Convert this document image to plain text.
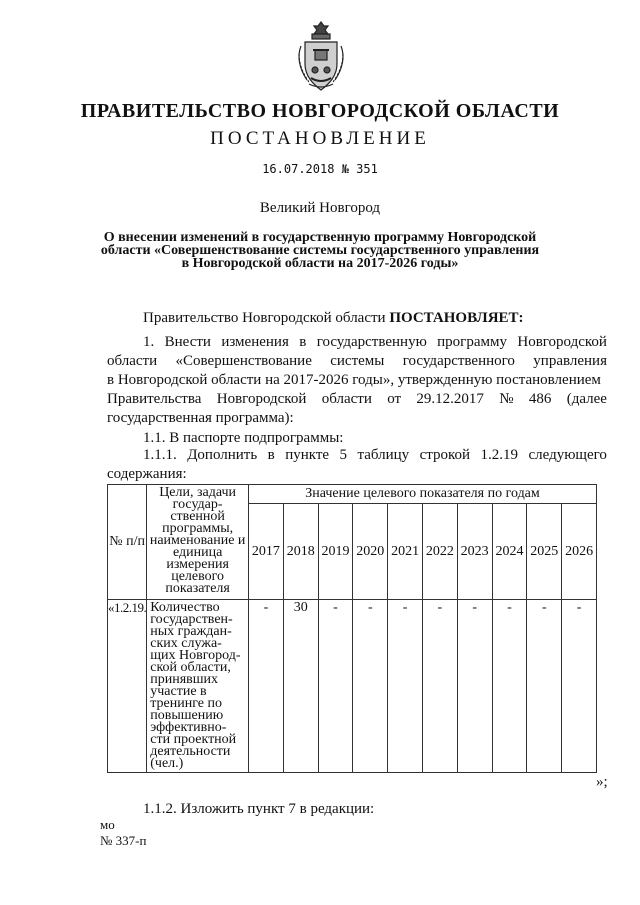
ПРАВИТЕЛЬСТВО НОВГОРОДСКОЙ ОБЛАСТИ
ПОСТАНОВЛЕНИЕ
16.07.2018 № 351
Великий Новгород
О внесении изменений в государственную программу Новгородской области «Совершенствование системы государственного управления в Новгородской области на 2017-2026 годы»
Правительство Новгородской области ПОСТАНОВЛЯЕТ:
1. Внести изменения в государственную программу Новгородской
области «Совершенствование системы государственного управления
в Новгородской области на 2017-2026 годы», утвержденную постановлением
Правительства Новгородской области от 29.12.2017 № 486 (далее
государственная программа):
1.1. В паспорте подпрограммы:
1.1.1. Дополнить в пункте 5 таблицу строкой 1.2.19 следующего
содержания:
№ п/п	Цели, задачи государ-ственной программы, наименование и единица измерения целевого показателя	Значение целевого показателя по годам									
		2017	2018	2019	2020	2021	2022	2023	2024	2025	2026
«1.2.19.	Количество государствен-ных граждан-ских служа-щих Новгород-ской области, принявших участие в тренинге по повышению эффективно-сти проектной деятельности (чел.)	-	30	-	-	-	-	-	-	-	-
»;
1.1.2. Изложить пункт 7 в редакции:
мо
№ 337-п
